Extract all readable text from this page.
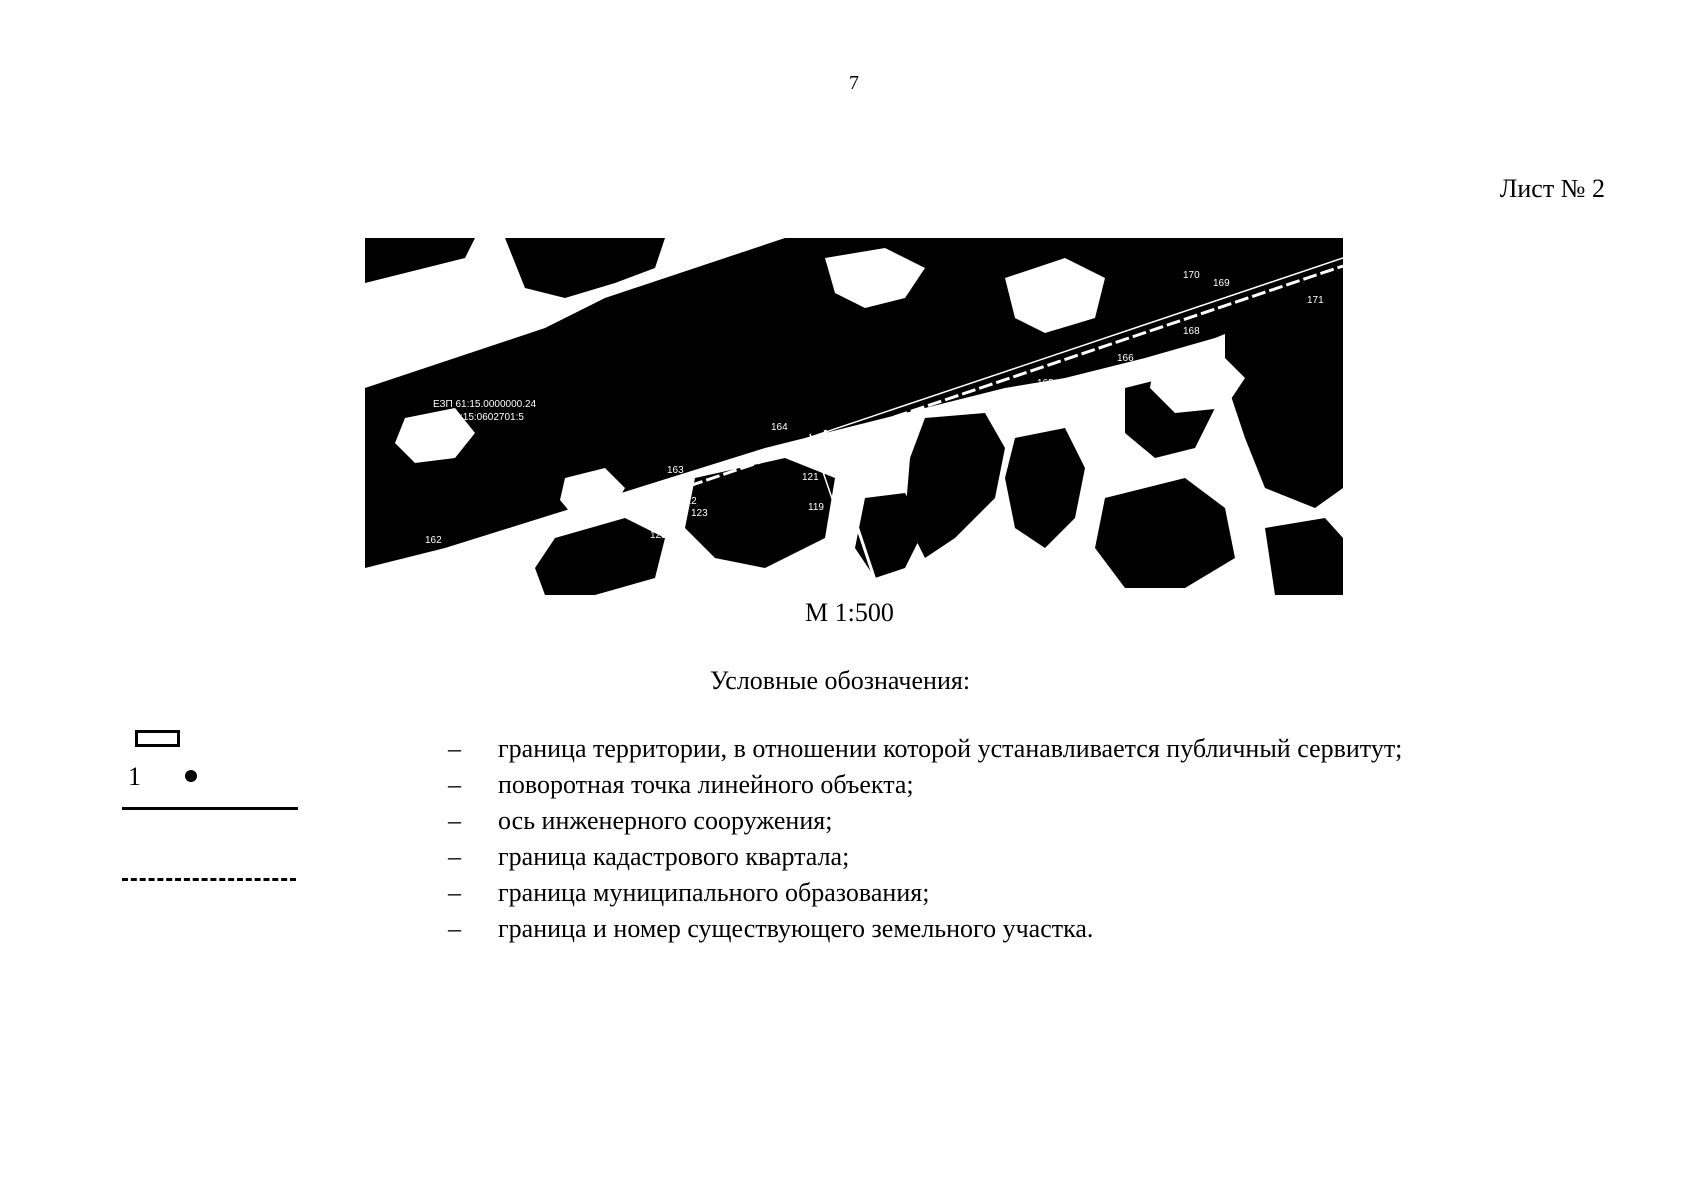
7
Лист № 2
ЕЗП 61:15.0000000.24
вх. 61:15:0602701:5
61:04.0040301
131 130 129 128
127
125
123
122
121
119
162
163
164
165
166
167
168
169
170
171
М 1:500
Условные обозначения:
1
–	граница территории, в отношении которой устанавливается публичный сервитут;
–	поворотная точка линейного объекта;
–	ось инженерного сооружения;
–	граница кадастрового квартала;
–	граница муниципального образования;
–	граница и номер существующего земельного участка.
